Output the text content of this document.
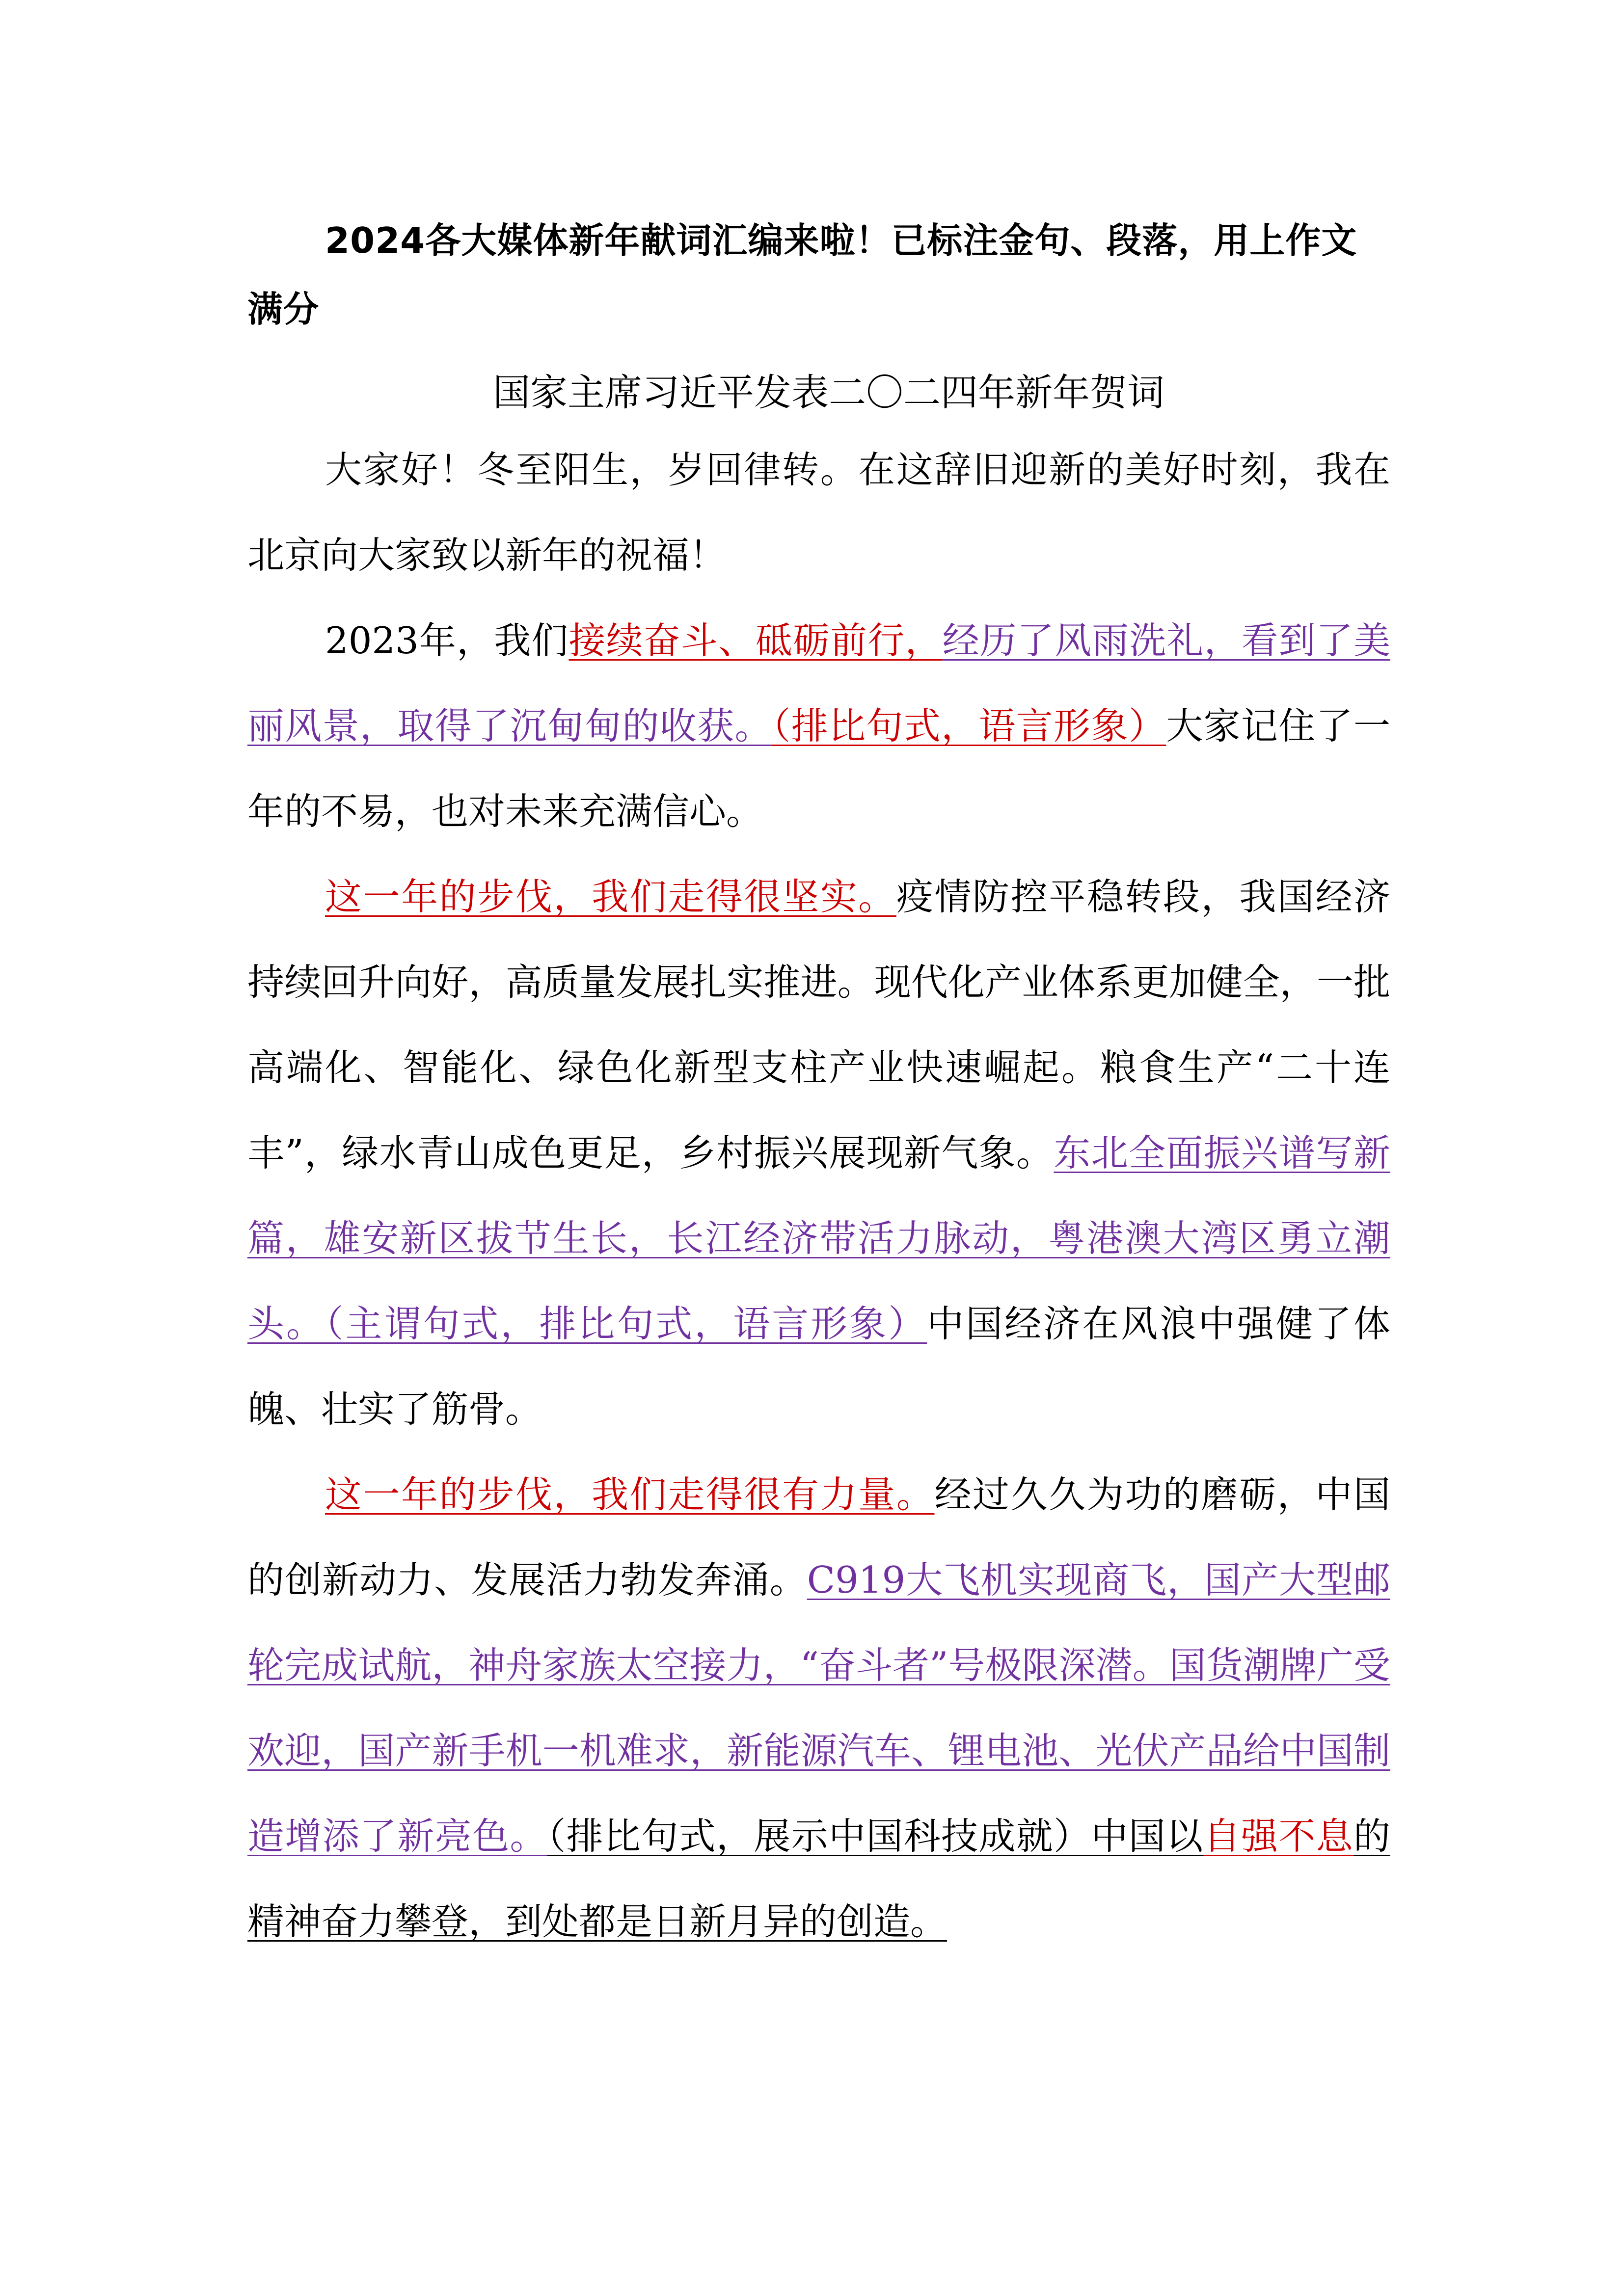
2024各大媒体新年献词汇编来啦！已标注金句、段落，用上作文满分

国家主席习近平发表二〇二四年新年贺词

大家好！冬至阳生，岁回律转。在这辞旧迎新的美好时刻，我在北京向大家致以新年的祝福！

2023年，我们接续奋斗、砥砺前行，经历了风雨洗礼，看到了美丽风景，取得了沉甸甸的收获。（排比句式，语言形象）大家记住了一年的不易，也对未来充满信心。

这一年的步伐，我们走得很坚实。疫情防控平稳转段，我国经济持续回升向好，高质量发展扎实推进。现代化产业体系更加健全，一批高端化、智能化、绿色化新型支柱产业快速崛起。粮食生产“二十连丰”，绿水青山成色更足，乡村振兴展现新气象。东北全面振兴谱写新篇，雄安新区拔节生长，长江经济带活力脉动，粤港澳大湾区勇立潮头。（主谓句式，排比句式，语言形象）中国经济在风浪中强健了体魄、壮实了筋骨。

这一年的步伐，我们走得很有力量。经过久久为功的磨砺，中国的创新动力、发展活力勃发奔涌。C919大飞机实现商飞，国产大型邮轮完成试航，神舟家族太空接力，“奋斗者”号极限深潜。国货潮牌广受欢迎，国产新手机一机难求，新能源汽车、锂电池、光伏产品给中国制造增添了新亮色。（排比句式，展示中国科技成就）中国以自强不息的精神奋力攀登，到处都是日新月异的创造。
